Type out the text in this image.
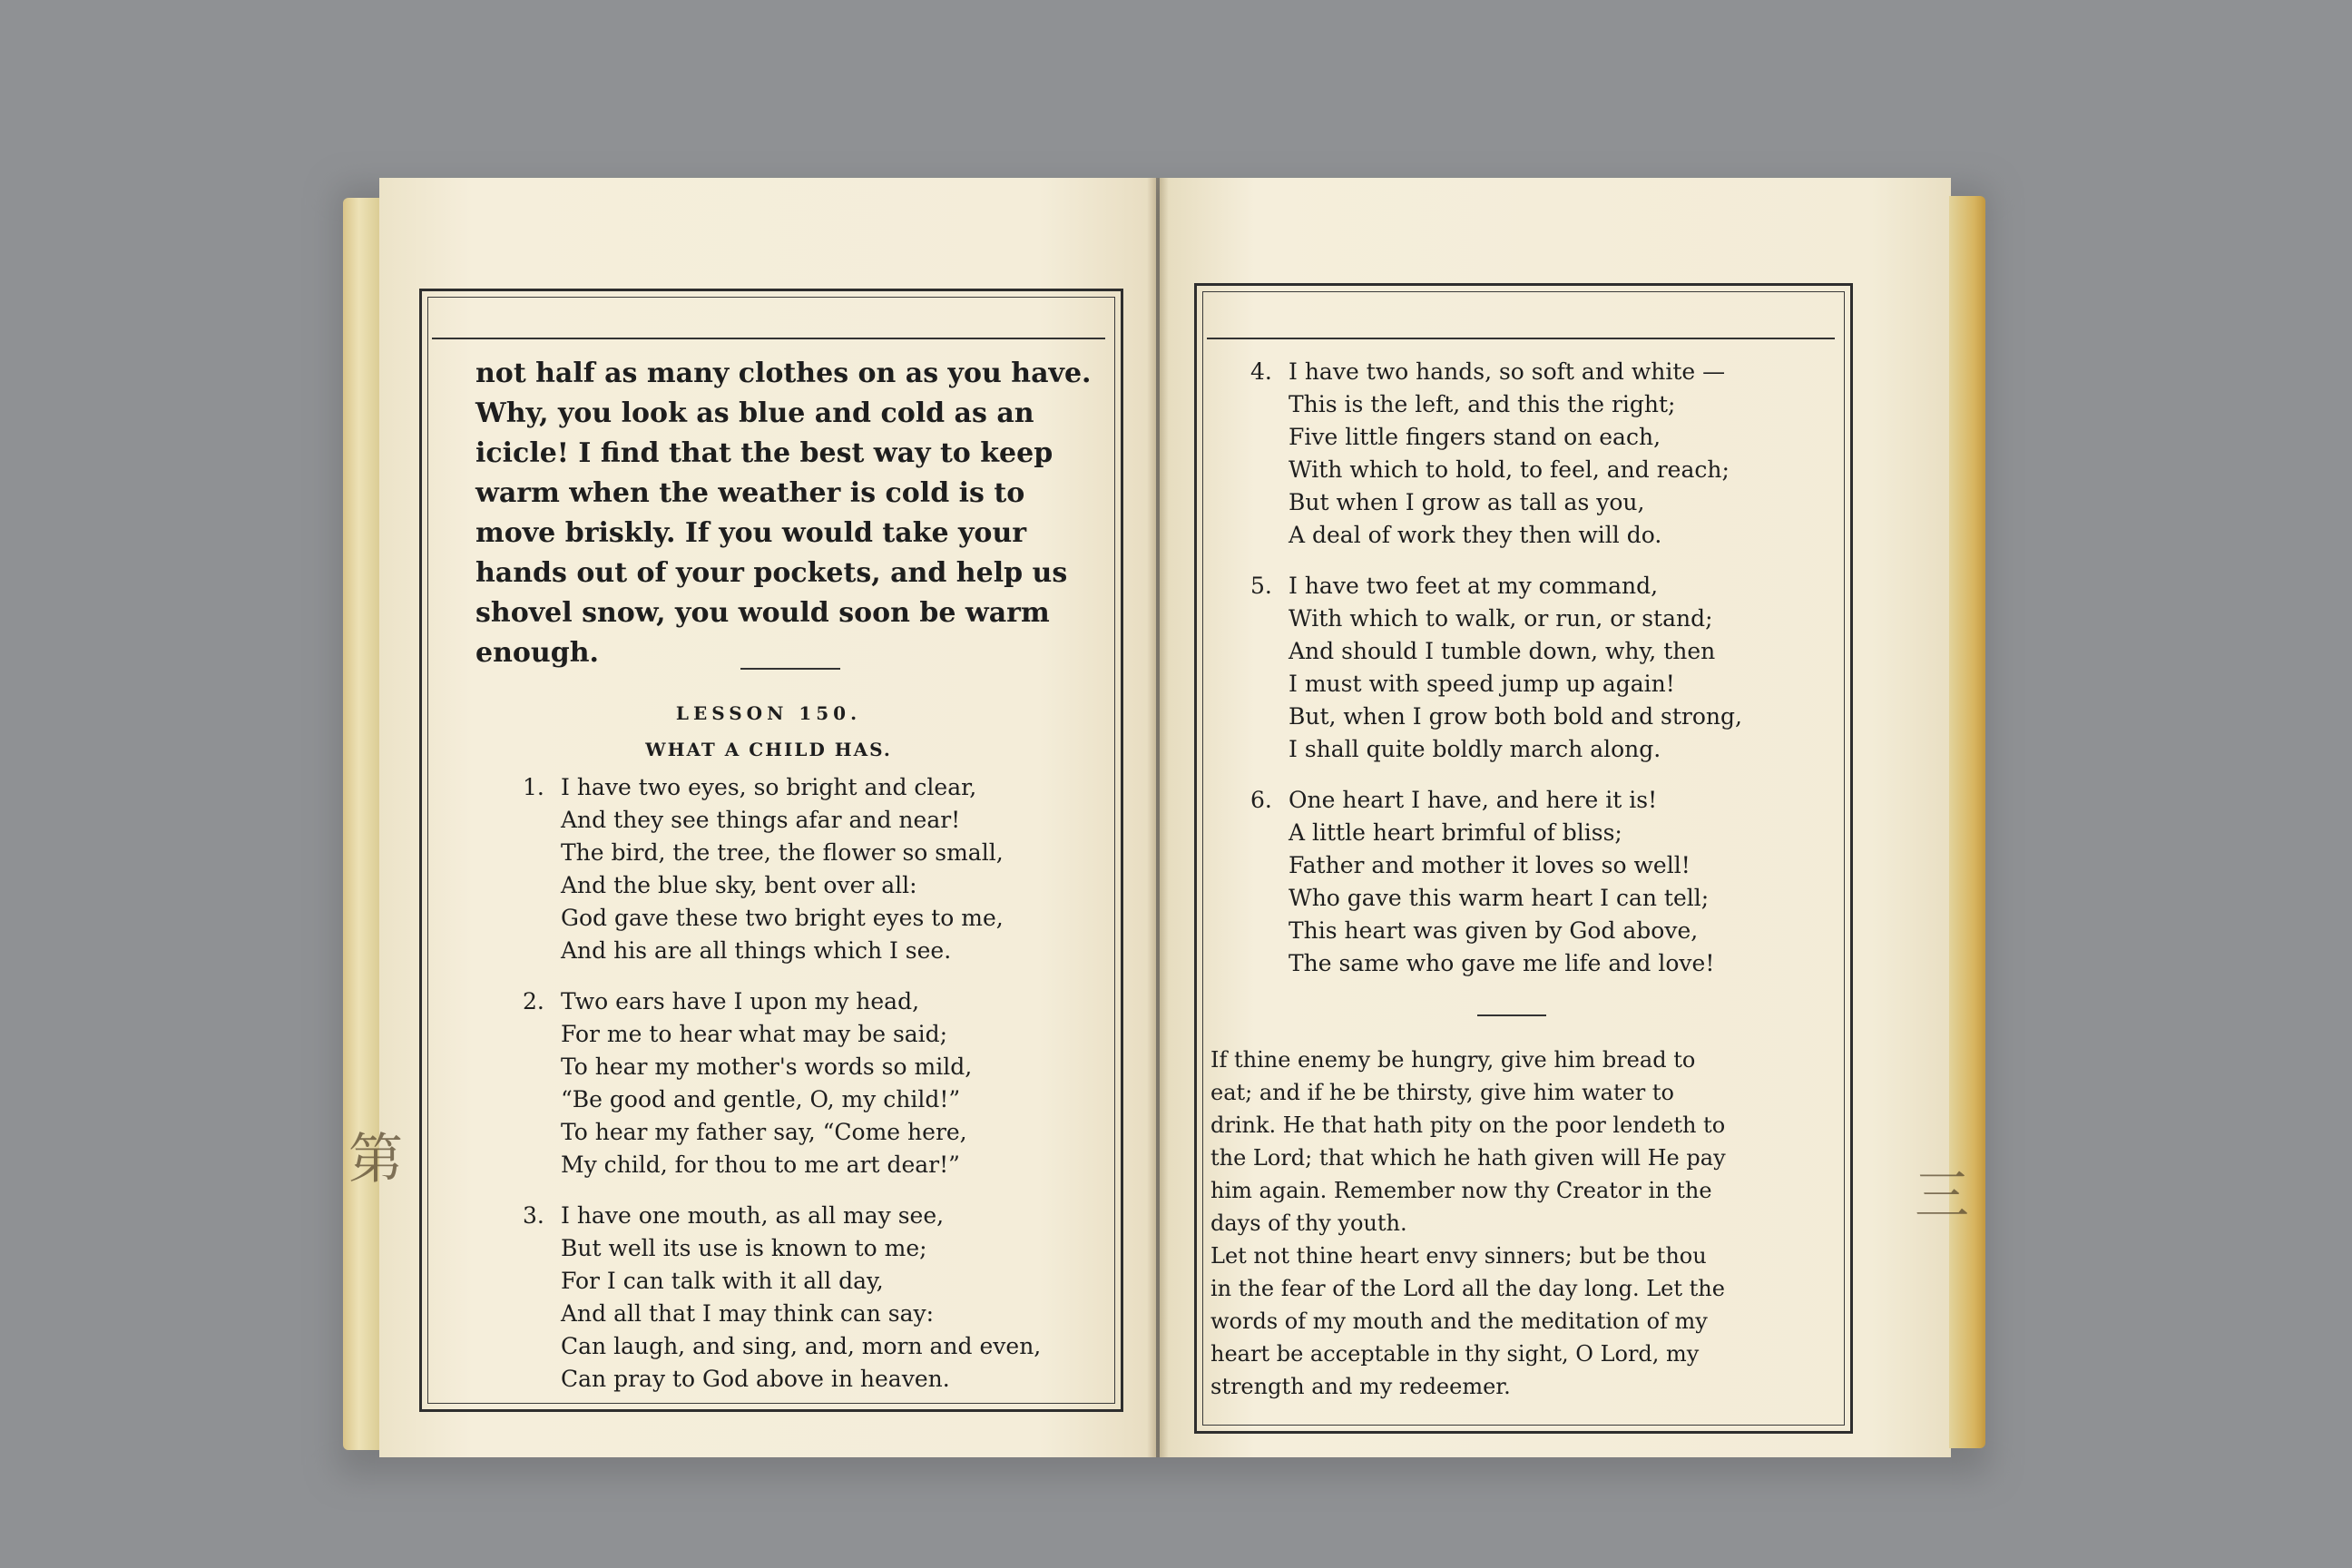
not half as many clothes on as you have.
Why, you look as blue and cold as an
icicle! I find that the best way to keep
warm when the weather is cold is to
move briskly. If you would take your
hands out of your pockets, and help us
shovel snow, you would soon be warm
enough.
LESSON 150.
WHAT A CHILD HAS.
1. I have two eyes, so bright and clear,
And they see things afar and near!
The bird, the tree, the flower so small,
And the blue sky, bent over all:
God gave these two bright eyes to me,
And his are all things which I see.
2. Two ears have I upon my head,
For me to hear what may be said;
To hear my mother's words so mild,
“Be good and gentle, O, my child!”
To hear my father say, “Come here,
My child, for thou to me art dear!”
3. I have one mouth, as all may see,
But well its use is known to me;
For I can talk with it all day,
And all that I may think can say:
Can laugh, and sing, and, morn and even,
Can pray to God above in heaven.
第
4. I have two hands, so soft and white —
This is the left, and this the right;
Five little fingers stand on each,
With which to hold, to feel, and reach;
But when I grow as tall as you,
A deal of work they then will do.
5. I have two feet at my command,
With which to walk, or run, or stand;
And should I tumble down, why, then
I must with speed jump up again!
But, when I grow both bold and strong,
I shall quite boldly march along.
6. One heart I have, and here it is!
A little heart brimful of bliss;
Father and mother it loves so well!
Who gave this warm heart I can tell;
This heart was given by God above,
The same who gave me life and love!
If thine enemy be hungry, give him bread to
eat; and if he be thirsty, give him water to
drink. He that hath pity on the poor lendeth to
the Lord; that which he hath given will He pay
him again. Remember now thy Creator in the
days of thy youth.
Let not thine heart envy sinners; but be thou
in the fear of the Lord all the day long. Let the
words of my mouth and the meditation of my
heart be acceptable in thy sight, O Lord, my
strength and my redeemer.
三
